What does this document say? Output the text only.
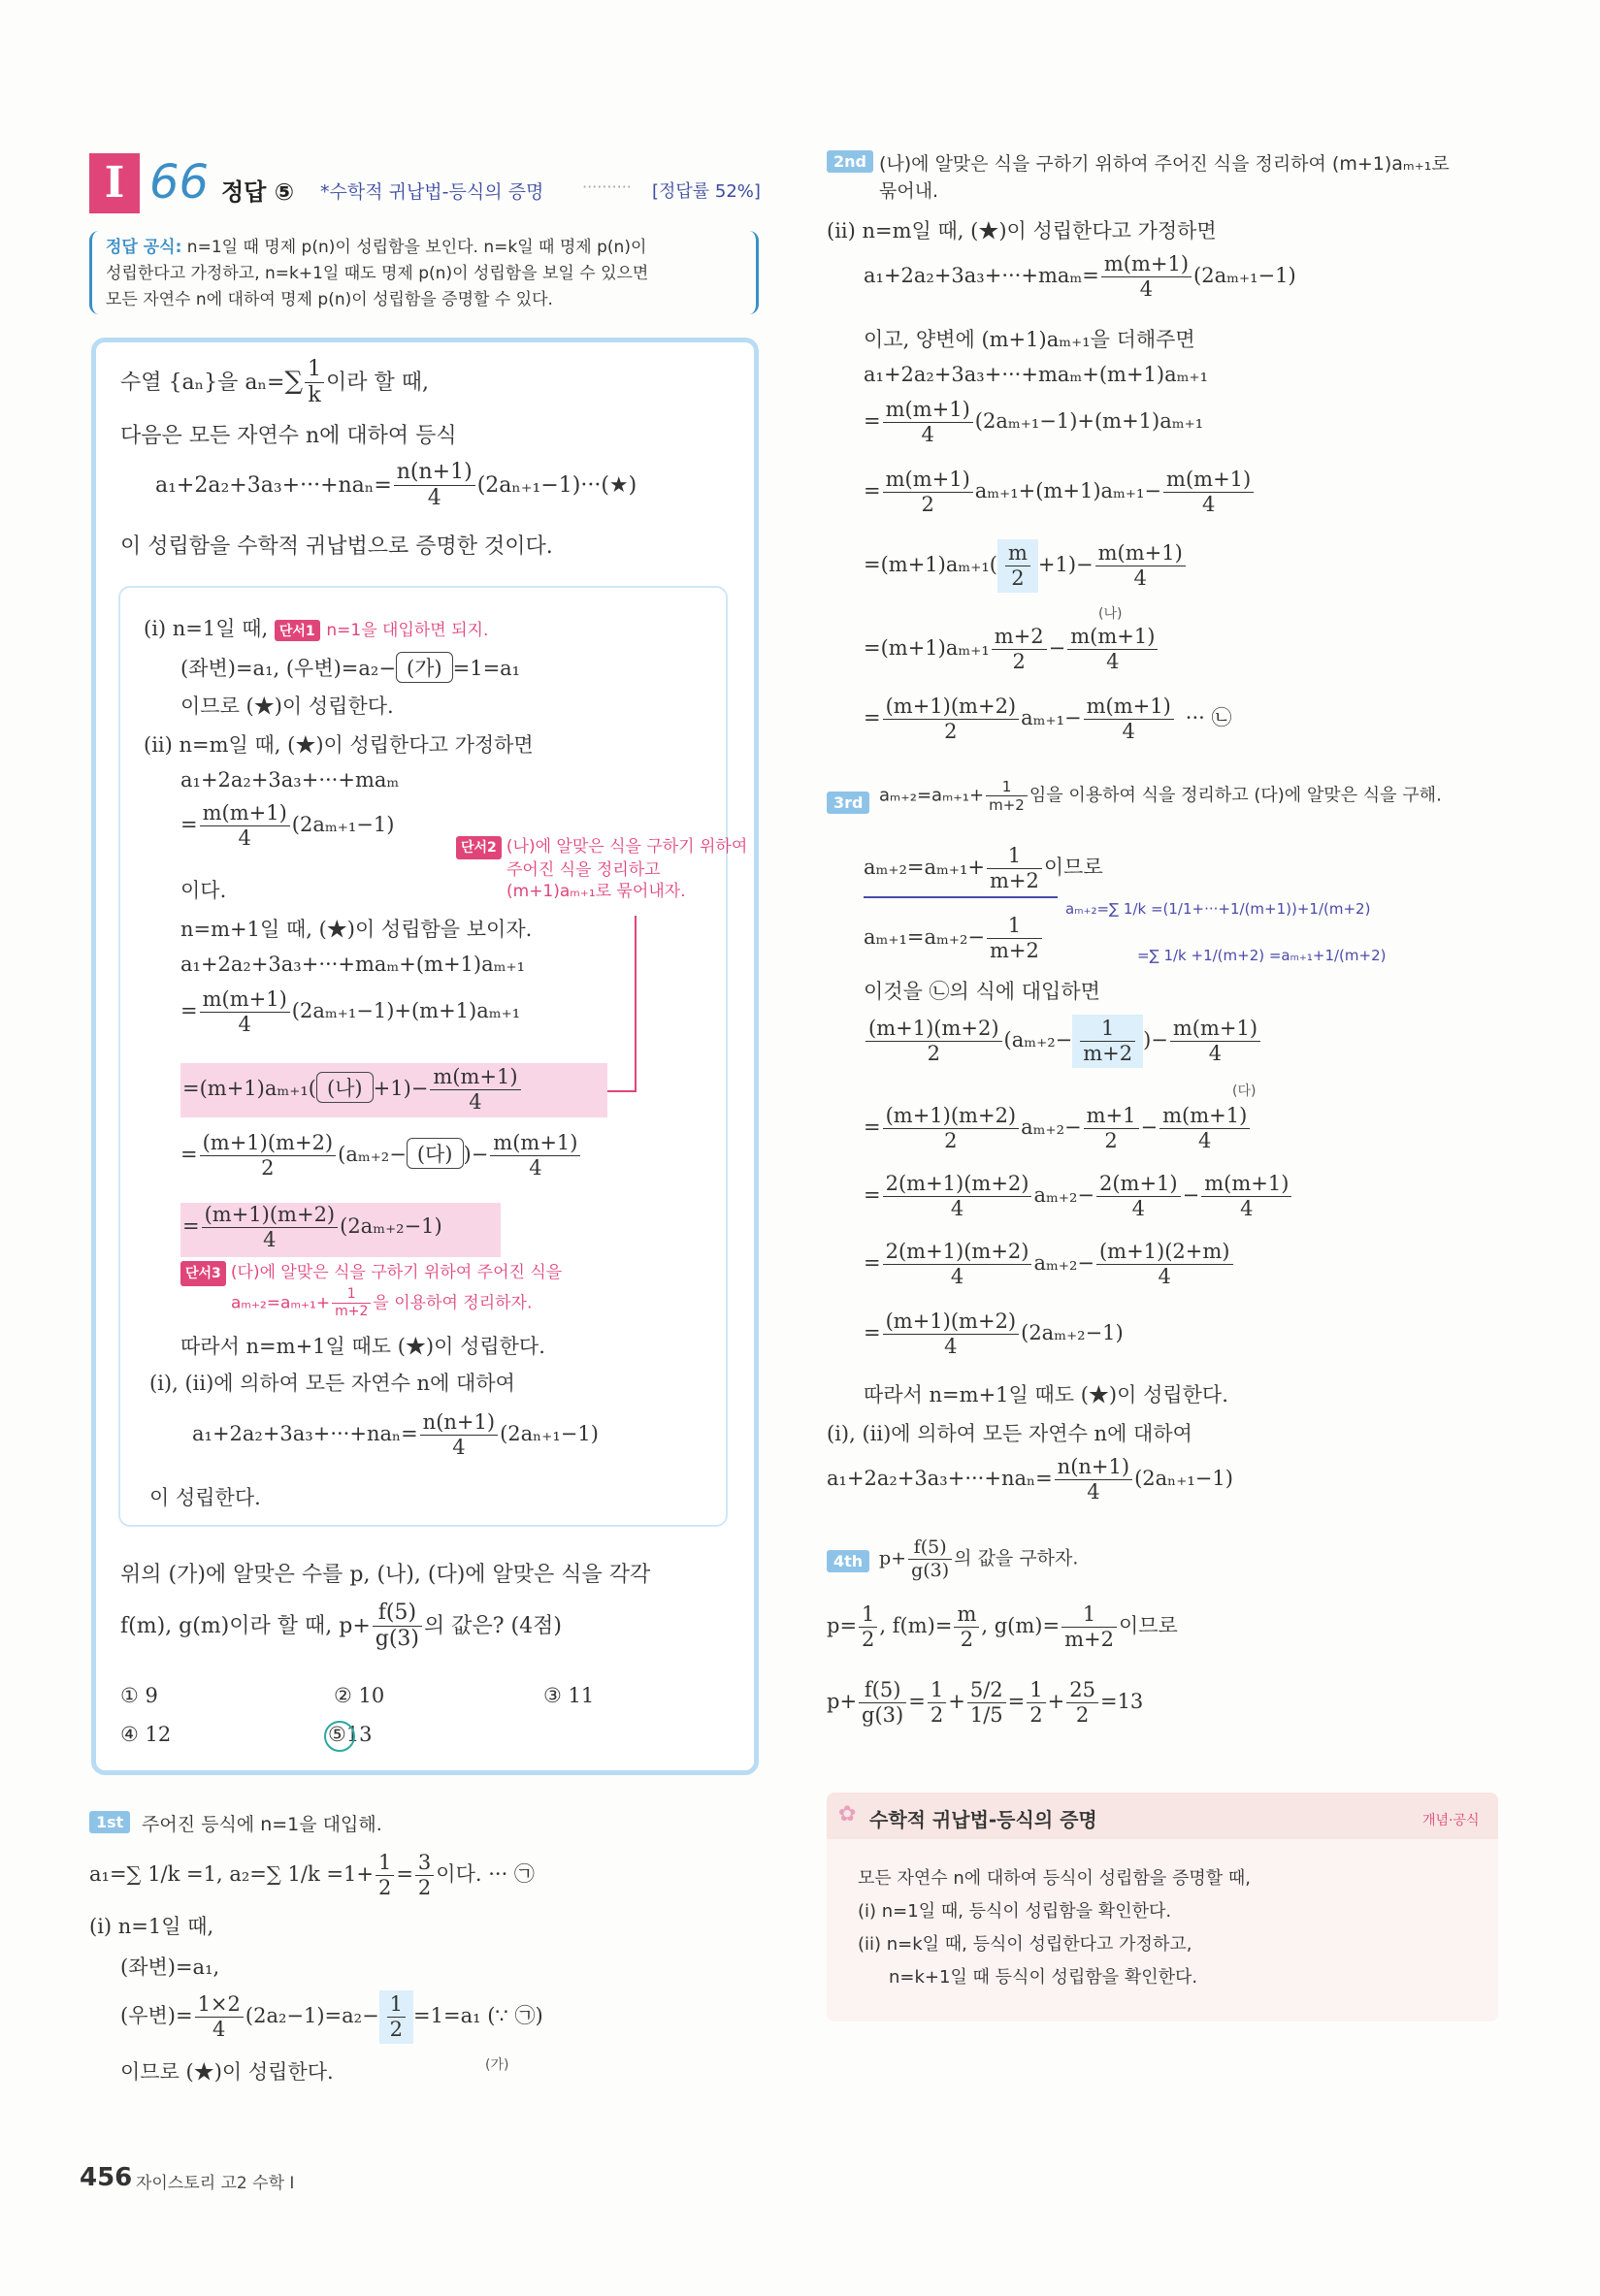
I 66 정답 ⑤ *수학적 귀납법-등식의 증명 ·········· [정답률 52%]
정답 공식: n=1일 때 명제 p(n)이 성립함을 보인다. n=k일 때 명제 p(n)이
성립한다고 가정하고, n=k+1일 때도 명제 p(n)이 성립함을 보일 수 있으면
모든 자연수 n에 대하여 명제 p(n)이 성립함을 증명할 수 있다.
수열 {aₙ}을 $a_n=\sum \frac{1}{k}$ 이라 할 때,
다음은 모든 자연수 n에 대하여 등식
$a_1+2a_2+3a_3+\cdot\cdot\cdot+na_n= \frac{n(n+1)}{4}$ (2aₙ₊₁−1)···(★)
이 성립함을 수학적 귀납법으로 증명한 것이다.
(i) n=1일 때, 단서1 n=1을 대입하면 되지.
(좌변)=a₁, (우변)=a₂− (가) =1=a₁
이므로 (★)이 성립한다.
(ii) n=m일 때, (★)이 성립한다고 가정하면
a₁+2a₂+3a₃+···+maₘ
= $\frac{m(m+1)}{4} (2a_{m+1}-1)$
단서2 (나)에 알맞은 식을 구하기 위하여
주어진 식을 정리하고
(m+1)aₘ₊₁로 묶어내자.
이다.
n=m+1일 때, (★)이 성립함을 보이자.
a₁+2a₂+3a₃+···+maₘ+(m+1)aₘ₊₁
= $\frac{m(m+1)}{4} (2a_{m+1}-1)+(m+1)a_{m+1}$
=(m+1)aₘ₊₁( (나) $+1)- \frac{m(m+1)}{4}$
= $\frac{(m+1)(m+2)}{2} (a_{m+2}-$ (다) )− $\frac{m(m+1)}{4}$
= $\frac{(m+1)(m+2)}{4} (2a_{m+2}-1)$
단서3 (다)에 알맞은 식을 구하기 위하여 주어진 식을
$a_{m+2}=a_{m+1}+ \frac{1}{m+2}$ 을 이용하여 정리하자.
따라서 n=m+1일 때도 (★)이 성립한다.
(i), (ii)에 의하여 모든 자연수 n에 대하여
$a_1+2a_2+3a_3+\cdot\cdot\cdot+na_n= \frac{n(n+1)}{4} (2a_{n+1}-1)$
이 성립한다.
위의 (가)에 알맞은 수를 p, (나), (다)에 알맞은 식을 각각
f(m), g(m)이라 할 때, $p+ \frac{f(5)}{g(3)}$ 의 값은? (4점)
① 9	② 10	③ 11
④ 12	⑤13
1st 주어진 등식에 n=1을 대입해.
a₁=∑ 1/k =1, a₂=∑ $1/k =1+ \frac{1}{2} = \frac{3}{2}$ 이다. ··· ㉠
(i) n=1일 때,
(좌변)=a₁,
(우변)= $\frac{1\times 2}{4} (2a_2-1)=a_2- \frac{1}{2} =1=a_1$ (∵ ㉠)
(가)
이므로 (★)이 성립한다.
456 자이스토리 고2 수학 I
2nd (나)에 알맞은 식을 구하기 위하여 주어진 식을 정리하여 (m+1)aₘ₊₁로
묶어내.
(ii) n=m일 때, (★)이 성립한다고 가정하면
$a_1+2a_2+3a_3+\cdot\cdot\cdot+ma_m= \frac{m(m+1)}{4} (2a_{m+1}-1)$
이고, 양변에 (m+1)aₘ₊₁을 더해주면
a₁+2a₂+3a₃+···+maₘ+(m+1)aₘ₊₁
= $\frac{m(m+1)}{4} (2a_{m+1}-1)+(m+1)a_{m+1}$
= $\frac{m(m+1)}{2} a_{m+1}+(m+1)a_{m+1}- \frac{m(m+1)}{4}$
$=(m+1)a_{m+1}( \frac{m}{2} +1)- \frac{m(m+1)}{4}$
(나)
$=(m+1)a_{m+1} \frac{m+2}{2} - \frac{m(m+1)}{4}$
= $\frac{(m+1)(m+2)}{2} a_{m+1}- \frac{m(m+1)}{4}$ ··· ㉡
3rd $a_{m+2}=a_{m+1}+ \frac{1}{m+2}$ 임을 이용하여 식을 정리하고 (다)에 알맞은 식을 구해.
$a_{m+2}=a_{m+1}+ \frac{1}{m+2}$ 이므로
aₘ₊₂=∑ 1/k =(1/1+···+1/(m+1))+1/(m+2)
=∑ 1/k +1/(m+2) =aₘ₊₁+1/(m+2)
$a_{m+1}=a_{m+2}- \frac{1}{m+2}$
이것을 ㉡의 식에 대입하면
$\frac{(m+1)(m+2)}{2} (a_{m+2}- \frac{1}{m+2}$ )− $\frac{m(m+1)}{4}$
(다)
= $\frac{(m+1)(m+2)}{2} a_{m+2}- \frac{m+1}{2} - \frac{m(m+1)}{4}$
= $\frac{2(m+1)(m+2)}{4} a_{m+2}- \frac{2(m+1)}{4} - \frac{m(m+1)}{4}$
= $\frac{2(m+1)(m+2)}{4} a_{m+2}- \frac{(m+1)(2+m)}{4}$
= $\frac{(m+1)(m+2)}{4} (2a_{m+2}-1)$
따라서 n=m+1일 때도 (★)이 성립한다.
(i), (ii)에 의하여 모든 자연수 n에 대하여
$a_1+2a_2+3a_3+\cdot\cdot\cdot+na_n= \frac{n(n+1)}{4} (2a_{n+1}-1)$
4th $p+ \frac{f(5)}{g(3)}$ 의 값을 구하자.
$p= \frac{1}{2}$ , $f(m)= \frac{m}{2}$ , $g(m)= \frac{1}{m+2}$ 이므로
$p+ \frac{f(5)}{g(3)} = \frac{1}{2} + \frac{5/2}{1/5} = \frac{1}{2} + \frac{25}{2} =13$
✿ 수학적 귀납법-등식의 증명	개념·공식
모든 자연수 n에 대하여 등식이 성립함을 증명할 때,
(i) n=1일 때, 등식이 성립함을 확인한다.
(ii) n=k일 때, 등식이 성립한다고 가정하고,
n=k+1일 때 등식이 성립함을 확인한다.
